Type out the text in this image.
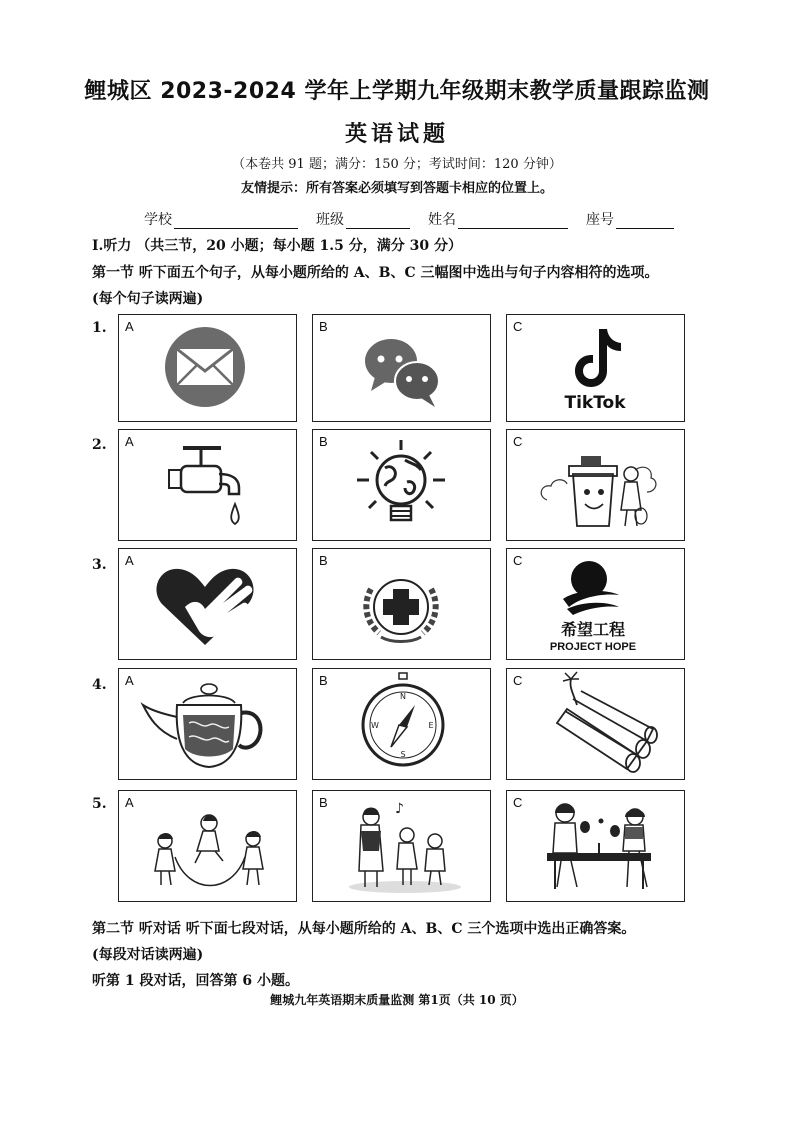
鲤城区 2023-2024 学年上学期九年级期末教学质量跟踪监测
英语试题
（本卷共 91 题；满分：150 分；考试时间：120 分钟）
友情提示：所有答案必须填写到答题卡相应的位置上。
学校	班级	姓名	座号
Ⅰ.听力 （共三节，20 小题；每小题 1.5 分，满分 30 分）
第一节 听下面五个句子，从每小题所给的 A、B、C 三幅图中选出与句子内容相符的选项。
(每个句子读两遍)
1.
2.
3.
4.
5.
A	B	C
TikTok
A	B	C
A	B	C
希望工程
PROJECT HOPE
A	B
N
S
W	E
C
A	B	♪	C
第二节 听对话 听下面七段对话，从每小题所给的 A、B、C 三个选项中选出正确答案。
(每段对话读两遍)
听第 1 段对话，回答第 6 小题。
鲤城九年英语期末质量监测 第1页（共 10 页）
